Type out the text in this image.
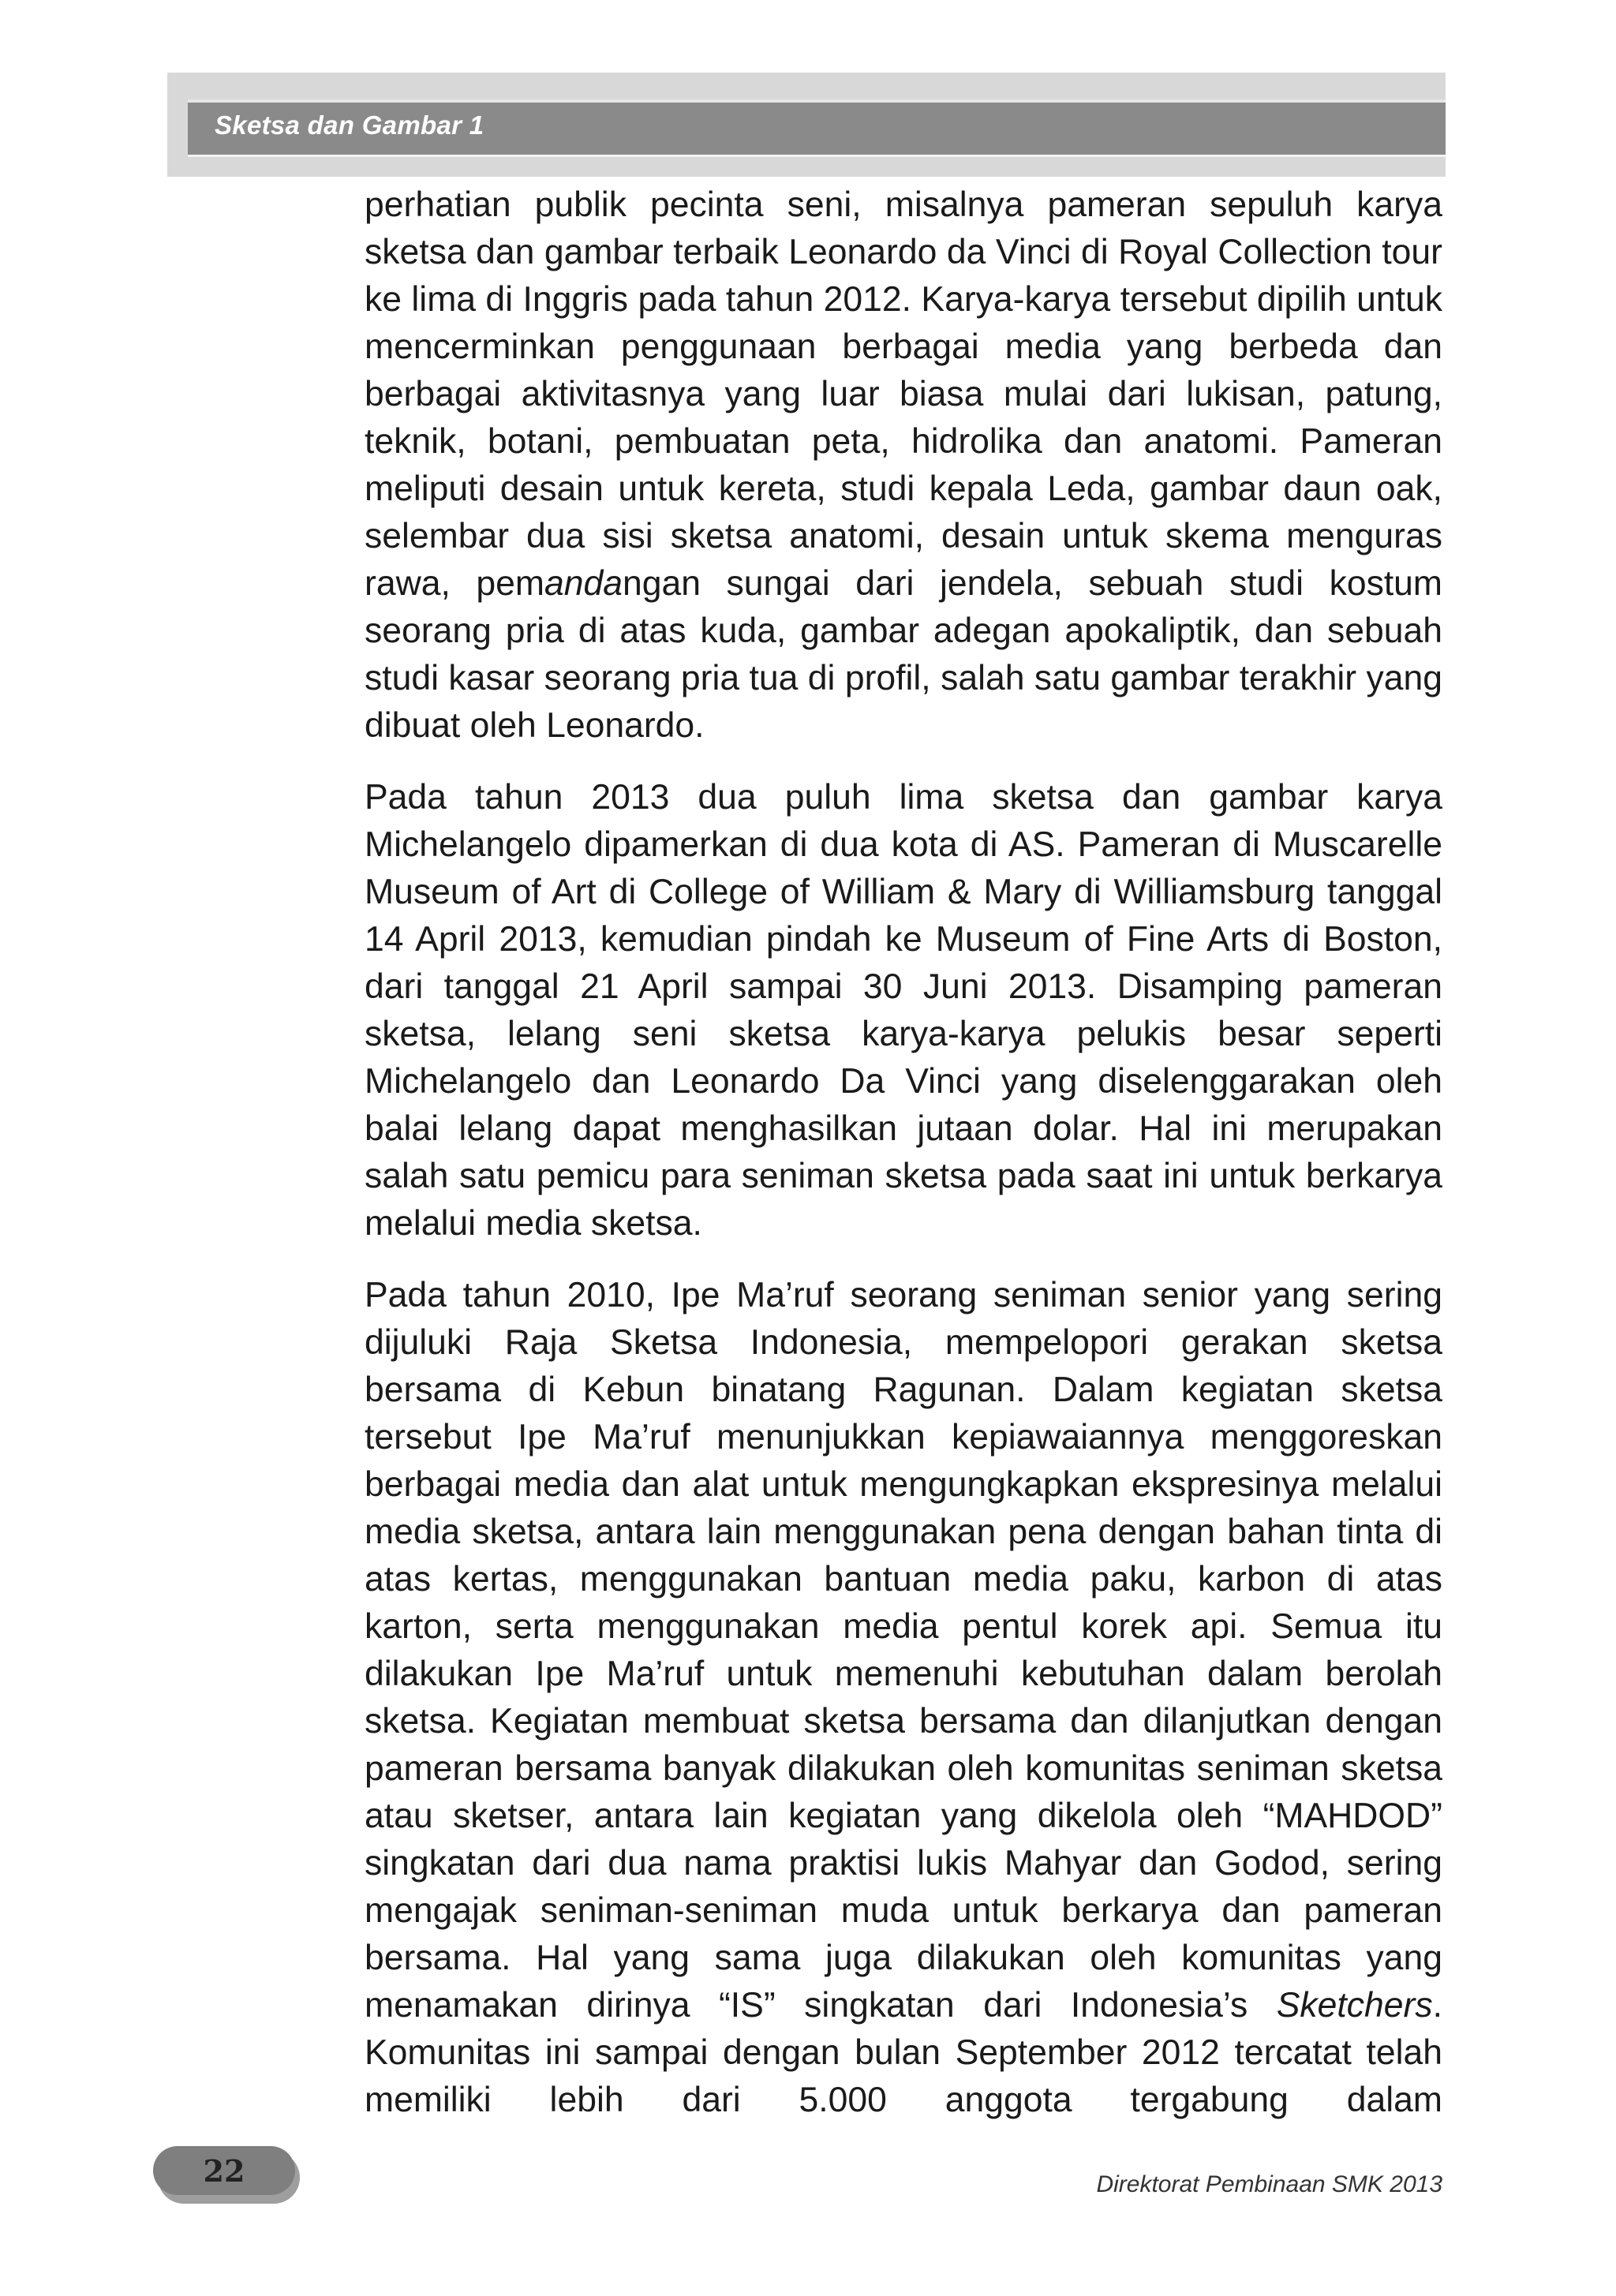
Sketsa dan Gambar 1

perhatian publik pecinta seni, misalnya pameran sepuluh karya sketsa dan gambar terbaik Leonardo da Vinci di Royal Collection tour ke lima di Inggris pada tahun 2012. Karya-karya tersebut dipilih untuk mencerminkan penggunaan berbagai media yang berbeda dan berbagai aktivitasnya yang luar biasa mulai dari lukisan, patung, teknik, botani, pembuatan peta, hidrolika dan anatomi. Pameran meliputi desain untuk kereta, studi kepala Leda, gambar daun oak, selembar dua sisi sketsa anatomi, desain untuk skema menguras rawa, pemandangan sungai dari jendela, sebuah studi kostum seorang pria di atas kuda, gambar adegan apokaliptik, dan sebuah studi kasar seorang pria tua di profil, salah satu gambar terakhir yang dibuat oleh Leonardo.

Pada tahun 2013 dua puluh lima sketsa dan gambar karya Michelangelo dipamerkan di dua kota di AS. Pameran di Muscarelle Museum of Art di College of William & Mary di Williamsburg tanggal 14 April 2013, kemudian pindah ke Museum of Fine Arts di Boston, dari tanggal 21 April sampai 30 Juni 2013. Disamping pameran sketsa, lelang seni sketsa karya-karya pelukis besar seperti Michelangelo dan Leonardo Da Vinci yang diselenggarakan oleh balai lelang dapat menghasilkan jutaan dolar. Hal ini merupakan salah satu pemicu para seniman sketsa pada saat ini untuk berkarya melalui media sketsa.

Pada tahun 2010, Ipe Ma’ruf seorang seniman senior yang sering dijuluki Raja Sketsa Indonesia, mempelopori gerakan sketsa bersama di Kebun binatang Ragunan. Dalam kegiatan sketsa tersebut Ipe Ma’ruf menunjukkan kepiawaiannya menggoreskan berbagai media dan alat untuk mengungkapkan ekspresinya melalui media sketsa, antara lain menggunakan pena dengan bahan tinta di atas kertas, menggunakan bantuan media paku, karbon di atas karton, serta menggunakan media pentul korek api. Semua itu dilakukan Ipe Ma’ruf untuk memenuhi kebutuhan dalam berolah sketsa. Kegiatan membuat sketsa bersama dan dilanjutkan dengan pameran bersama banyak dilakukan oleh komunitas seniman sketsa atau sketser, antara lain kegiatan yang dikelola oleh “MAHDOD” singkatan dari dua nama praktisi lukis Mahyar dan Godod, sering mengajak seniman-seniman muda untuk berkarya dan pameran bersama. Hal yang sama juga dilakukan oleh komunitas yang menamakan dirinya “IS” singkatan dari Indonesia’s Sketchers. Komunitas ini sampai dengan bulan September 2012 tercatat telah memiliki lebih dari 5.000 anggota tergabung dalam

22	Direktorat Pembinaan SMK 2013
